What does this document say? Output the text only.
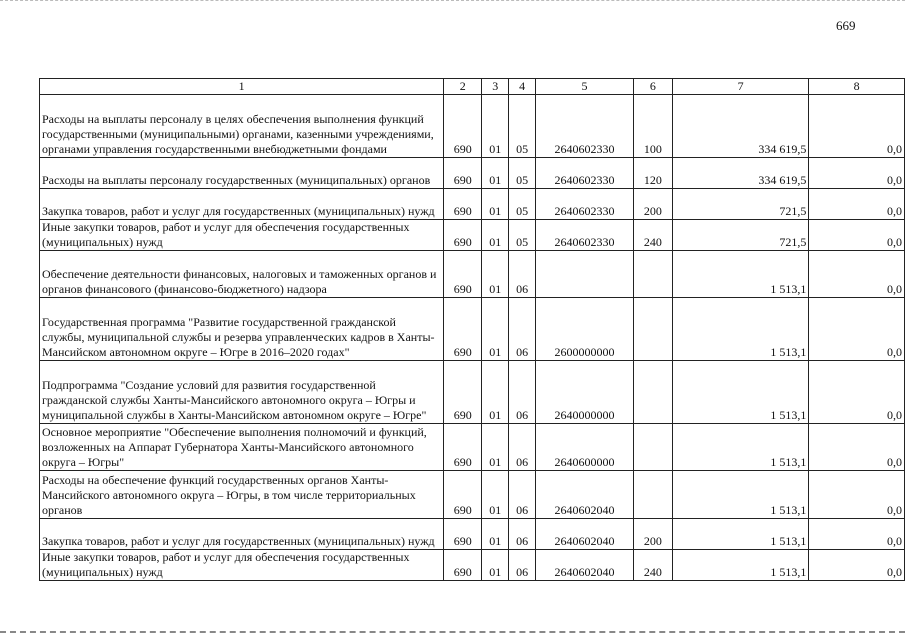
669
1	2	3	4	5	6	7	8
Расходы на выплаты персоналу в целях обеспечения выполнения функций государственными (муниципальными) органами, казенными учреждениями, органами управления государственными внебюджетными фондами	690	01	05	2640602330	100	334 619,5	0,0
Расходы на выплаты персоналу государственных (муниципальных) органов	690	01	05	2640602330	120	334 619,5	0,0
Закупка товаров, работ и услуг для государственных (муниципальных) нужд	690	01	05	2640602330	200	721,5	0,0
Иные закупки товаров, работ и услуг для обеспечения государственных (муниципальных) нужд	690	01	05	2640602330	240	721,5	0,0
Обеспечение деятельности финансовых, налоговых и таможенных органов и органов финансового (финансово-бюджетного) надзора	690	01	06			1 513,1	0,0
Государственная программа "Развитие государственной гражданской службы, муниципальной службы и резерва управленческих кадров в Ханты-Мансийском автономном округе – Югре в 2016–2020 годах"	690	01	06	2600000000		1 513,1	0,0
Подпрограмма "Создание условий для развития государственной гражданской службы Ханты-Мансийского автономного округа – Югры и муниципальной службы в Ханты-Мансийском автономном округе – Югре"	690	01	06	2640000000		1 513,1	0,0
Основное мероприятие "Обеспечение выполнения полномочий и функций, возложенных на Аппарат Губернатора Ханты-Мансийского автономного округа – Югры"	690	01	06	2640600000		1 513,1	0,0
Расходы на обеспечение функций государственных органов Ханты-Мансийского автономного округа – Югры, в том числе территориальных органов	690	01	06	2640602040		1 513,1	0,0
Закупка товаров, работ и услуг для государственных (муниципальных) нужд	690	01	06	2640602040	200	1 513,1	0,0
Иные закупки товаров, работ и услуг для обеспечения государственных (муниципальных) нужд	690	01	06	2640602040	240	1 513,1	0,0
